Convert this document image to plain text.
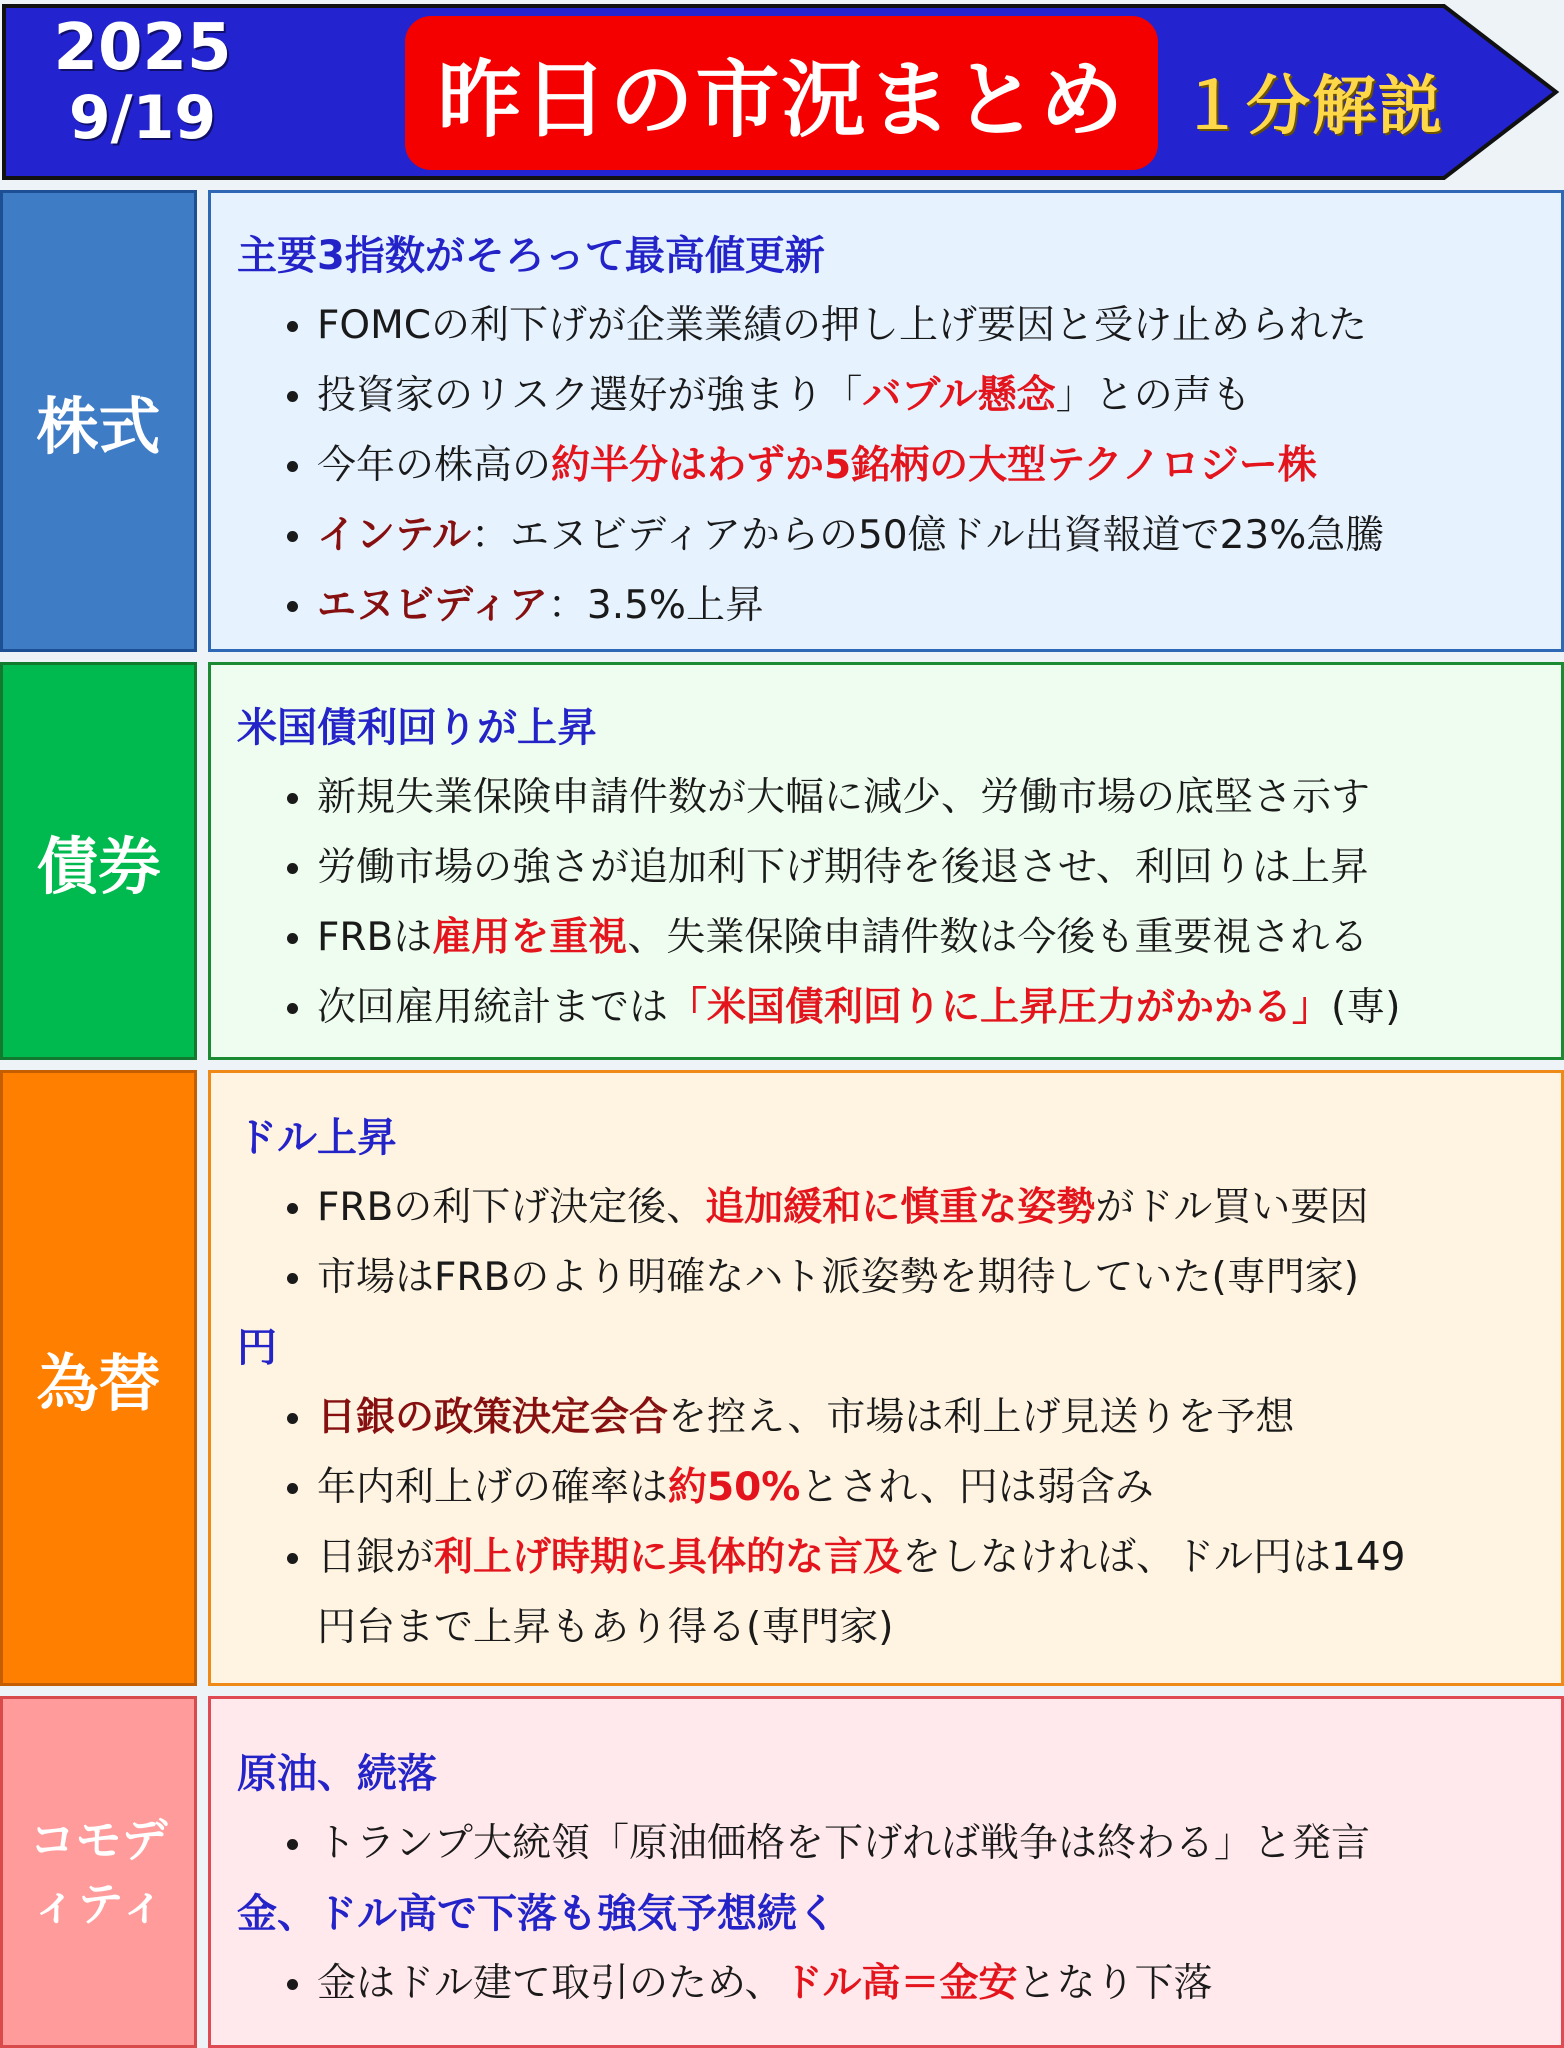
2025
9/19	昨日の市況まとめ １分解説
株式
主要3指数がそろって最高値更新
FOMCの利下げが企業業績の押し上げ要因と受け止められた
投資家のリスク選好が強まり「バブル懸念」との声も
今年の株高の約半分はわずか5銘柄の大型テクノロジー株
インテル：エヌビディアからの50億ドル出資報道で23%急騰
エヌビディア：3.5%上昇
債券
米国債利回りが上昇
新規失業保険申請件数が大幅に減少、労働市場の底堅さ示す
労働市場の強さが追加利下げ期待を後退させ、利回りは上昇
FRBは雇用を重視、失業保険申請件数は今後も重要視される
次回雇用統計までは「米国債利回りに上昇圧力がかかる」(専)
為替
ドル上昇
FRBの利下げ決定後、追加緩和に慎重な姿勢がドル買い要因
市場はFRBのより明確なハト派姿勢を期待していた(専門家)
円
日銀の政策決定会合を控え、市場は利上げ見送りを予想
年内利上げの確率は約50%とされ、円は弱含み
日銀が利上げ時期に具体的な言及をしなければ、ドル円は149
円台まで上昇もあり得る(専門家)
コモデ
ィティ
原油、続落
トランプ大統領「原油価格を下げれば戦争は終わる」と発言
金、ドル高で下落も強気予想続く
金はドル建て取引のため、ドル高＝金安となり下落
